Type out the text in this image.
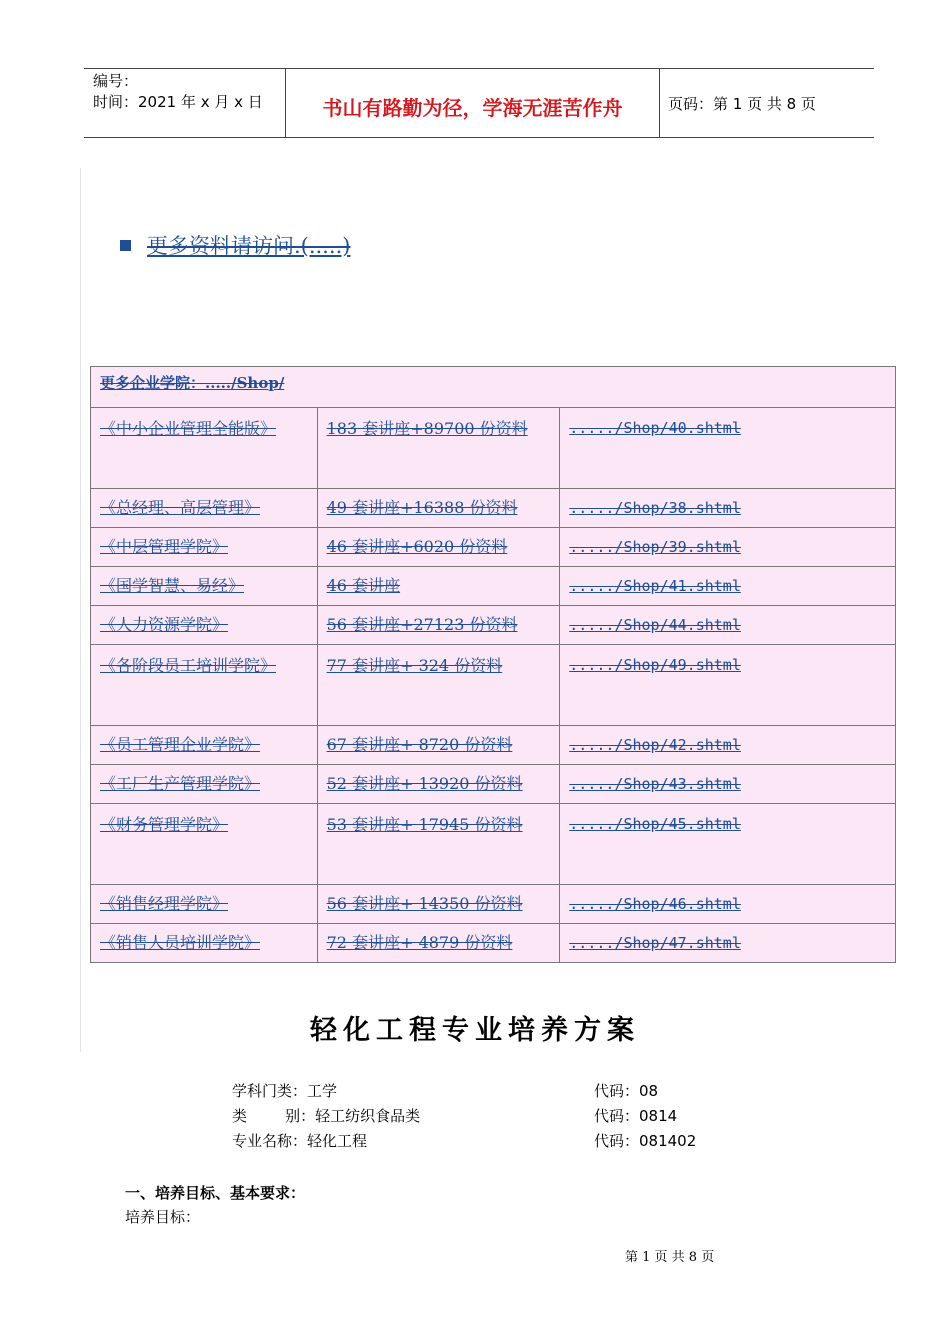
编号：
时间：2021 年 x 月 x 日	书山有路勤为径，学海无涯苦作舟	页码：第 1 页 共 8 页
更多资料请访问.(.....)
更多企业学院：...../Shop/		
《中小企业管理全能版》	183 套讲座+89700 份资料	...../Shop/40.shtml
《总经理、高层管理》	49 套讲座+16388 份资料	...../Shop/38.shtml
《中层管理学院》	46 套讲座+6020 份资料	...../Shop/39.shtml
《国学智慧、易经》	46 套讲座	...../Shop/41.shtml
《人力资源学院》	56 套讲座+27123 份资料	...../Shop/44.shtml
《各阶段员工培训学院》	77 套讲座+ 324 份资料	...../Shop/49.shtml
《员工管理企业学院》	67 套讲座+ 8720 份资料	...../Shop/42.shtml
《工厂生产管理学院》	52 套讲座+ 13920 份资料	...../Shop/43.shtml
《财务管理学院》	53 套讲座+ 17945 份资料	...../Shop/45.shtml
《销售经理学院》	56 套讲座+ 14350 份资料	...../Shop/46.shtml
《销售人员培训学院》	72 套讲座+ 4879 份资料	...../Shop/47.shtml
轻化工程专业培养方案
学科门类：工学	代码：08
类        别：轻工纺织食品类	代码：0814
专业名称：轻化工程	代码：081402
一、培养目标、基本要求：
培养目标：
第 1 页 共 8 页
